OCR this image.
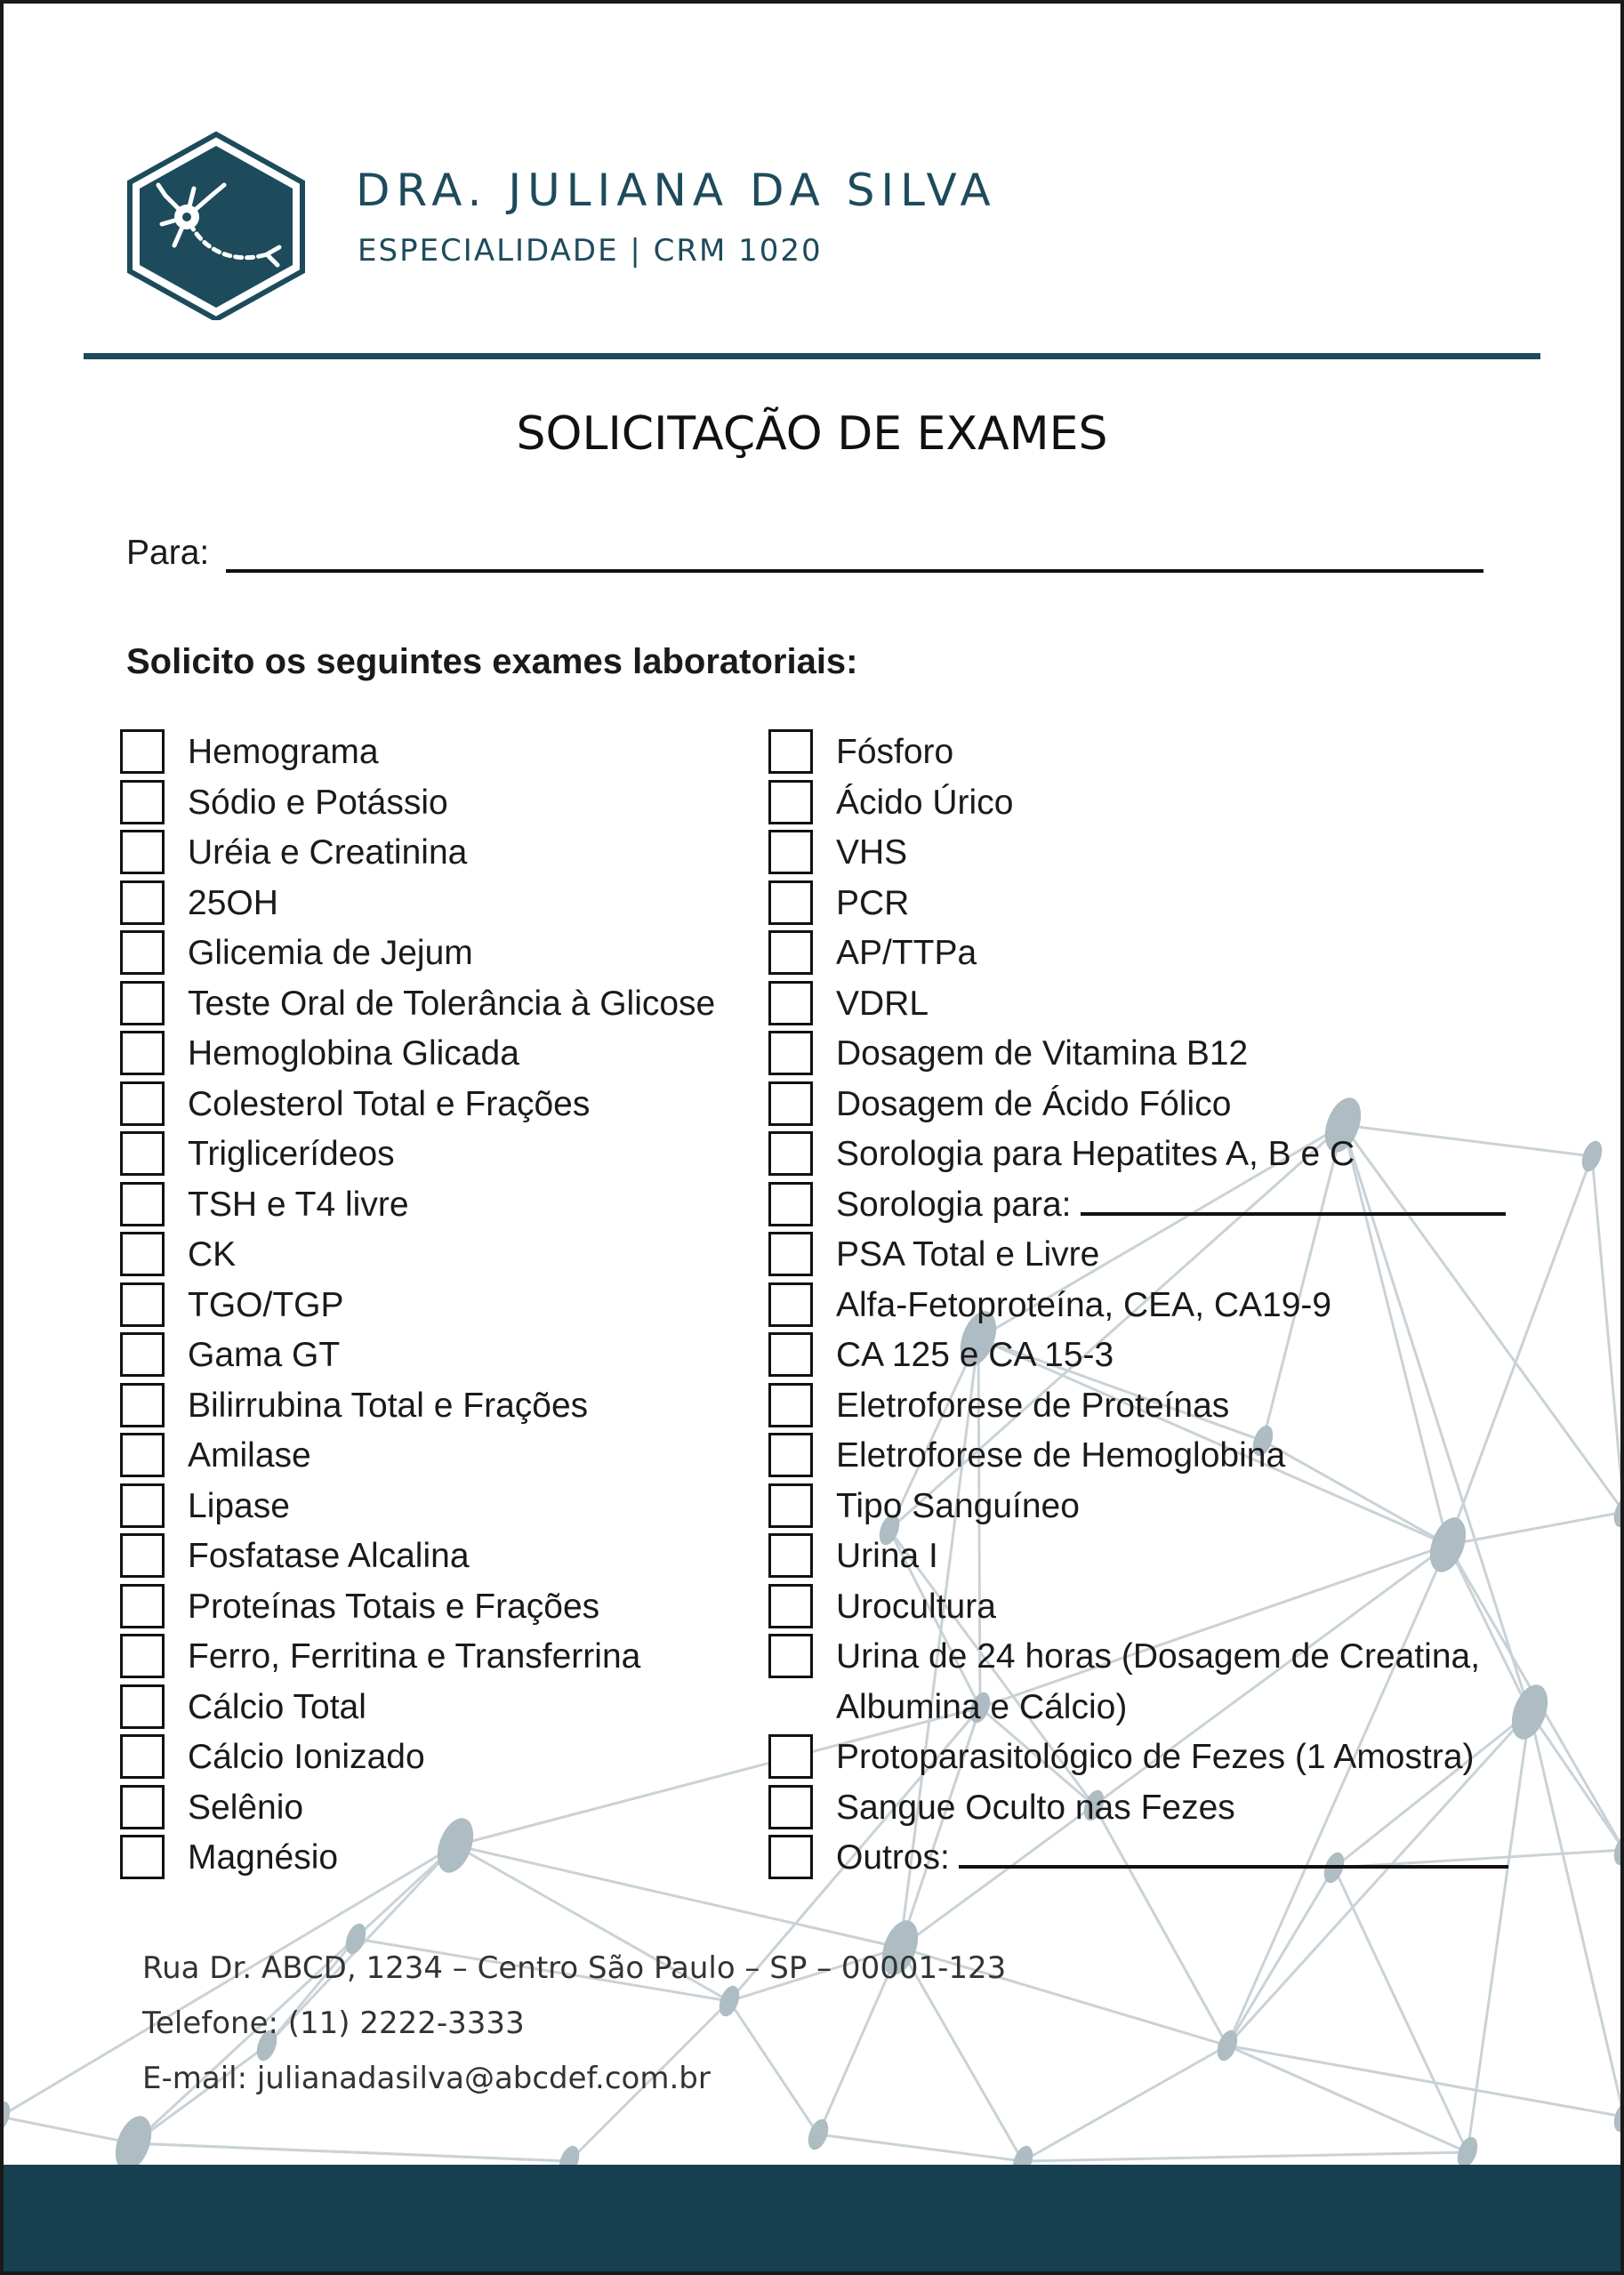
DRA. JULIANA DA SILVA
ESPECIALIDADE | CRM 1020
SOLICITAÇÃO DE EXAMES
Para:
Solicito os seguintes exames laboratoriais:
Hemograma
Sódio e Potássio
Uréia e Creatinina
25OH
Glicemia de Jejum
Teste Oral de Tolerância à Glicose
Hemoglobina Glicada
Colesterol Total e Frações
Triglicerídeos
TSH e T4 livre
CK
TGO/TGP
Gama GT
Bilirrubina Total e Frações
Amilase
Lipase
Fosfatase Alcalina
Proteínas Totais e Frações
Ferro, Ferritina e Transferrina
Cálcio Total
Cálcio Ionizado
Selênio
Magnésio
Fósforo
Ácido Úrico
VHS
PCR
AP/TTPa
VDRL
Dosagem de Vitamina B12
Dosagem de Ácido Fólico
Sorologia para Hepatites A, B e C
Sorologia para:
PSA Total e Livre
Alfa-Fetoproteína, CEA, CA19-9
CA 125 e CA 15-3
Eletroforese de Proteínas
Eletroforese de Hemoglobina
Tipo Sanguíneo
Urina I
Urocultura
Urina de 24 horas (Dosagem de Creatina, Albumina e Cálcio)
Protoparasitológico de Fezes (1 Amostra)
Sangue Oculto nas Fezes
Outros:
Rua Dr. ABCD, 1234 – Centro São Paulo – SP – 00001-123
Telefone: (11) 2222-3333
E-mail: julianadasilva@abcdef.com.br
